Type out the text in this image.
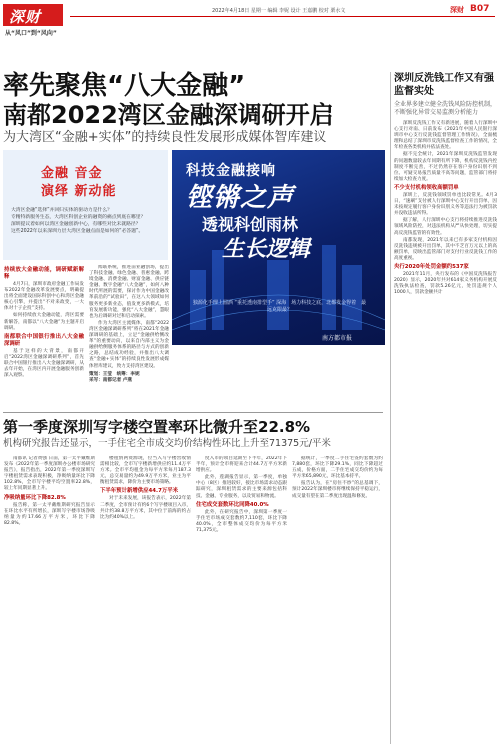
深财
从“风口”到“风向”
2022年4月18日 星期一 编辑 李妮 设计 王嘉鹏 校对 栗水文	深财 B07
率先聚焦“八大金融”
南都2022湾区金融深调研开启
为大湾区“金融+实体”的持续良性发展形成媒体智库建议
金融 音金
演绎 新动能
大湾区金融“选择”并回归实体的驱动力是什么？
专精特新服务生态，大湾区科创企业的融资的痛点到底在哪里？
深圳提议着如何以湾区金融创新中心，有哪些对比未就路径？
这些2022年以来深圳力层大湾区金融点面是如何的“必答题”。
科技金融接响
铿锵之声
透视科创雨林
生长逻辑
独源化手理上圆酒 “重托透南排型手” 深海　场力科技之底，北都发金得着　最远克限最？
南方都市报
持续放大金融动能，调研赋新解释

4月7日，深圳市政府金融工作局发布2022年金融改革发展要点，明确提出将全面建设国际科创中心和湾区金融核心引擎，并提出“不对来政变，一大体对十子企投”支持。

如何持续放大金融动能，湾区需要新解答，南都以“八大金融”为主题开启调研。

南都联合中国银行推出八大金融深调研

基于这样的大背景，南都开启“2022湾区金融深调研系列”，首先联合中国银行推出八大金融深调研，从去年开始，在湾区内开展金融服务创新深入观察。

闻联系统，推进前业融创场，提出了科技金融、绿色金融、普惠金融、跨境金融、消费金融、财富金融、供应链金融、数字金融“八大金融”，如何八种时代所展的需要，探讨作为中国金融改革前沿的“试验田”，在这八大领域如何服务更多新业态，值发更多新模式，培育发展新功能，强化“八大金融”，慧眼也为后调研对过和启动探索。

作为大湾区主流媒体，南都“2022湾区金融深调研系列”将在2021年金融深调研的基础上，立足“金融供给侧改革”的重要动向，以来自内部主义为金融供给侧服务体系的路径与方式的创新之路，总结成功经验，并推出八大调查“金融+实体”的持续良性发展形成媒体智库建议，致力支持湾区建设。

策划：王莹　统筹：李妮
采写：南都记者 卢燕
第一季度深圳写字楼空置率环比微升至22.8%
机构研究报告还显示，一手住宅全市成交均价结构性环比上升至71375元/平米

南都讯 记者黄强 日前，第一太平戴维斯发布《2022年第一季度深圳办公楼市场研究报告》，报告指出，2022年第一季度深圳写字楼租赁需求表现积极，净吸纳量环比下降102.8%，全市写字楼平均空置率22.8%，较上年同期显著上升。

净吸纳量环比下降82.8%

报告称，第一太平戴维斯研究报告显示在环比水平有所增长，深圳写字楼市场净吸纳量为约17.66万平方米，环比下降82.8%。

楼租情两资源现，位当入写字楼营收情需相比较，全市写字楼新增供应约11.4万平方米。全市平均租金为每平方米每月187.3元，总交易量约为49.9万平方米，业主为平衡租赁需求，降价为主要市场策略。

下半年预计新增供应44.7万平米

对于未来发展，该报告表示，2022年第二季度，全市预计有约6个写字楼项目入市，共计约38.8万平方米，其中位于前海的约占比为约40%以上。

度入市的项目延期至下半年，2022年下半年，预计全市将迎来合计44.7万平方米新增供应。

此外，莲湖报告显示，第一季度，单独中心（8区）推进较好，接比市场需求动态跟踪研究，深圳租赁需求的主要来源包括科技、金融、专业服务，以及贸易和物流。

住宅成交套数环比同降40.0%

此外，在研究报告中，深圳第一季度一手住宅市场成交套数约7,110套，环比下降40.0%，全市整体成交均价为每平方米71,375元。

据统计，一季度二手住宅签约套数为约7,880套，环比下降29.1%，同比下降超过五成，价格方面，二手住宅成交均价约为每平方米65,890元，环比基本持平。

报告认为，在“房住不炒”的总基调下，预计2022年深圳楼市将继续保持平稳运行，成交量有望在第二季度出现温和修复。

深圳反洗钱工作又有强监督实处
全业界多建立健全洗钱风险防控机制，不断强化异常交易监测分析能力

深圳反洗钱工作又有新进展，随着人行深圳中心支行对南、日前发布《2021年中国人民银行深圳市中心支行反洗钱监督管理工作情况》，全面梳理和总结了深圳市反洗钱监督检查工作的情况，全年检查各类机构并依法查处。

据不完全统计，2021年深圳反洗钱监管发现的问题数量较去年同期有所下降，机构反洗钱内控制度不断完善，不过仍然存在客户身份识别不到位、可疑交易报告质量不高等问题，监管部门将持续加大检查力度。

不少支付机构领收高额罚单

深圳上，反洗钱领域罚单也比较常见。4月3日，“速刷”支付被人行深圳中心支行开出罚单，因未按规定履行客户身份识别义务等违法行为被罚款并没收违法所得。

据了解，人行深圳中心支行将持续推进反洗钱领域风险防控，对违法机构从严从快处理，切实提高反洗钱监管的有效性。

南都发现，2021年以来已有多家支付机构因反洗钱违规被开出罚单，其中不乏百万元以上的高额罚单，反映出监管部门对支付行业反洗钱工作的高度重视。

央行2020年处罚金额约537家

2021年11月，央行发布的《中国反洗钱报告2020》显示，2020年共对614家义务机构开展反洗钱执法检查，罚款5.26亿元，处罚违规个人1000人，罚款金额共计
